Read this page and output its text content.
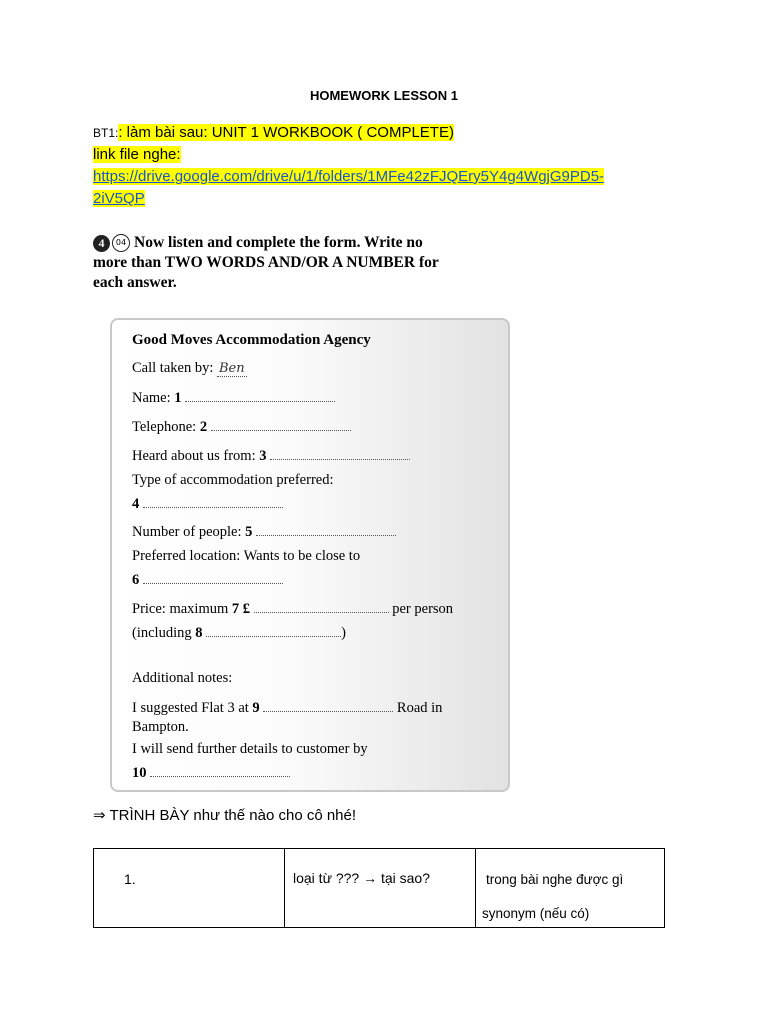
HOMEWORK LESSON 1
BT1:: làm bài sau: UNIT 1 WORKBOOK ( COMPLETE)
link file nghe:
https://drive.google.com/drive/u/1/folders/1MFe42zFJQEry5Y4g4WgjG9PD5-
2iV5QP
4 04 Now listen and complete the form. Write no
more than TWO WORDS AND/OR A NUMBER for
each answer.
Good Moves Accommodation Agency
Call taken by: Ben
Name: 1
Telephone: 2
Heard about us from: 3
Type of accommodation preferred:
4
Number of people: 5
Preferred location: Wants to be close to
6
Price: maximum 7 £	per person
(including 8	)
Additional notes:
I suggested Flat 3 at 9	Road in
Bampton.
I will send further details to customer by
10
⇒ TRÌNH BÀY như thế nào cho cô nhé!
1.	loại từ ??? → tại sao?	trong bài nghe được gì
synonym (nếu có)
